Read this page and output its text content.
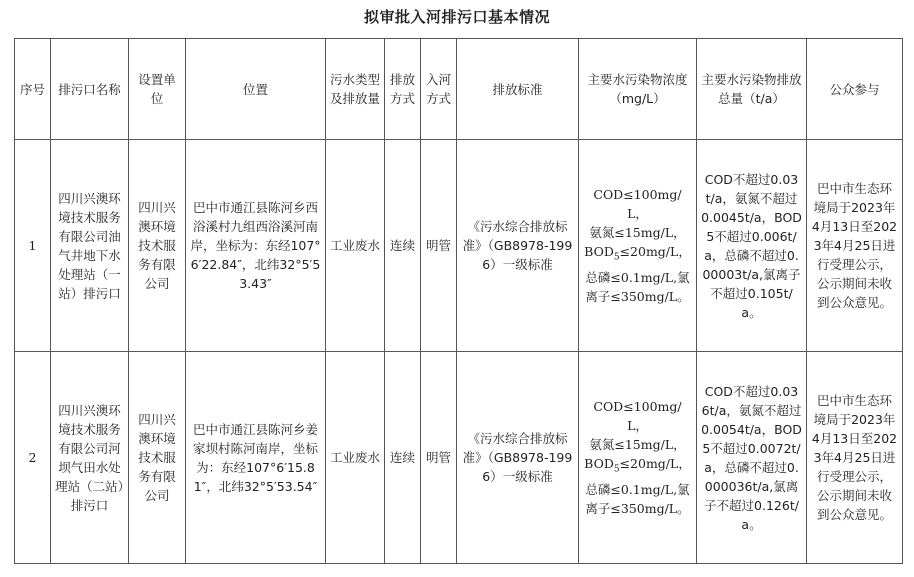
拟审批入河排污口基本情况
序号	排污口名称	设置单位	位置	污水类型及排放量	排放方式	入河方式	排放标准	主要水污染物浓度（mg/L）	主要水污染物排放总量（t/a）	公众参与
1	四川兴澳环境技术服务有限公司油气井地下水处理站（一站）排污口	四川兴澳环境技术服务有限公司	巴中市通江县陈河乡西浴溪村九组西浴溪河南岸，坐标为：东经107°6′22.84″，北纬32°5′53.43″	工业废水	连续	明管	《污水综合排放标准》（GB8978-1996）一级标准	COD≤100mg/L，
氨氮≤15mg/L，
$BOD_5\le 20mg/L$，
总磷≤0.1mg/L,氯离子≤350mg/L。	COD不超过0.03t/a，氨氮不超过0.0045t/a，BOD5不超过0.006t/a，总磷不超过0.00003t/a,氯离子不超过0.105t/a。	巴中市生态环境局于2023年4月13日至2023年4月25日进行受理公示，公示期间未收到公众意见。
2	四川兴澳环境技术服务有限公司河坝气田水处理站（二站）排污口	四川兴澳环境技术服务有限公司	巴中市通江县陈河乡姜家坝村陈河南岸，坐标为：东经107°6′15.81″，北纬32°5′53.54″	工业废水	连续	明管	《污水综合排放标准》（GB8978-1996）一级标准	COD≤100mg/L，
氨氮≤15mg/L，
$BOD_5\le 20mg/L$，
总磷≤0.1mg/L,氯离子≤350mg/L。	COD不超过0.036t/a，氨氮不超过0.0054t/a，BOD5不超过0.0072t/a，总磷不超过0.000036t/a,氯离子不超过0.126t/a。	巴中市生态环境局于2023年4月13日至2023年4月25日进行受理公示，公示期间未收到公众意见。
